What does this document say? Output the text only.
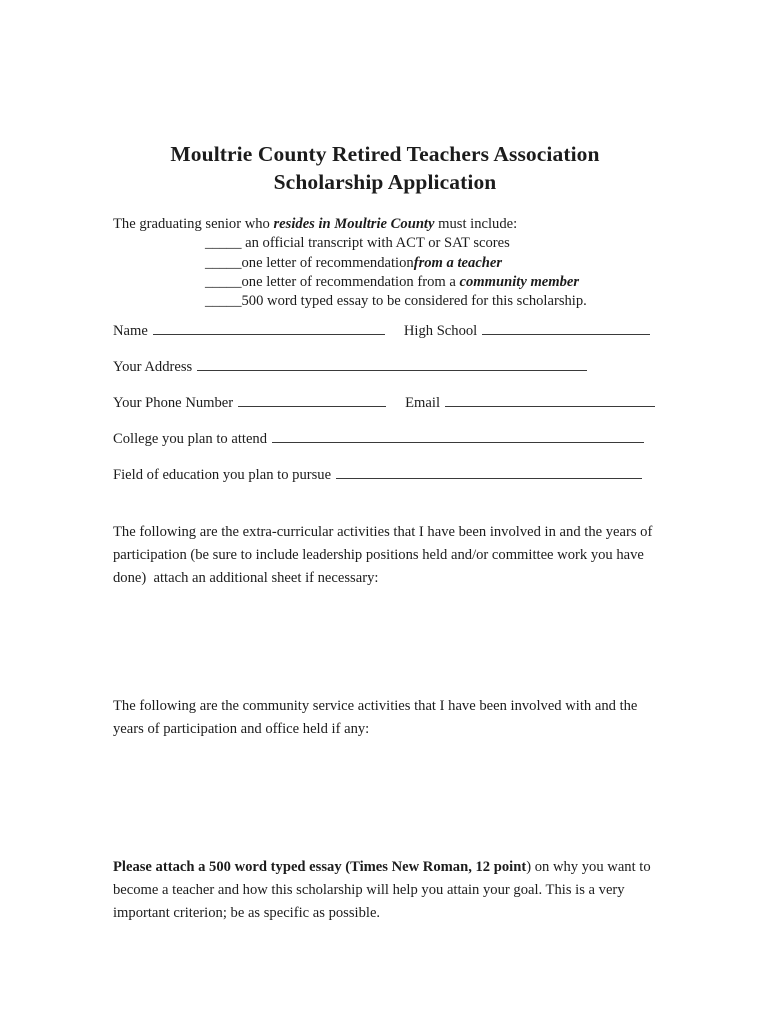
Moultrie County Retired Teachers Association
Scholarship Application
The graduating senior who resides in Moultrie County must include:
_____ an official transcript with ACT or SAT scores
_____one letter of recommendationfrom a teacher
_____one letter of recommendation from a community member
_____500 word typed essay to be considered for this scholarship.
Name	High School
Your Address
Your Phone Number	Email
College you plan to attend
Field of education you plan to pursue
The following are the extra-curricular activities that I have been involved in and the years of participation (be sure to include leadership positions held and/or committee work you have done)  attach an additional sheet if necessary:
The following are the community service activities that I have been involved with and the years of participation and office held if any:
Please attach a 500 word typed essay (Times New Roman, 12 point) on why you want to become a teacher and how this scholarship will help you attain your goal. This is a very important criterion; be as specific as possible.
